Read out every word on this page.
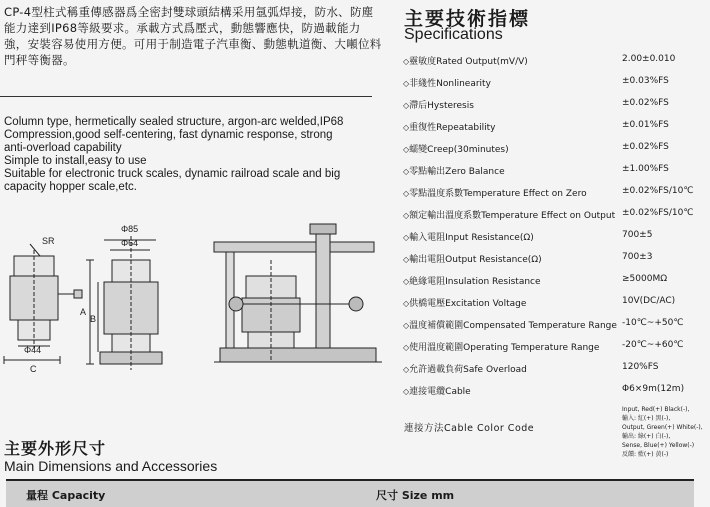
CP-4型柱式稱重傳感器爲全密封雙球頭結構采用氬弧焊接，防水、防塵能力達到IP68等級要求。承載方式爲壓式，動態響應快，防過載能力強，安裝容易使用方便。可用于制造電子汽車衡、動態軌道衡、大噸位料門秤等衡器。
Column type, hermetically sealed structure, argon-arc welded,IP68
Compression,good self-centering, fast dynamic response, strong
anti-overload capability
Simple to install,easy to use
Suitable for electronic truck scales, dynamic railroad scale and big
capacity hopper scale,etc.
SR
Φ44
C
Φ85
Φ64
A
B
主要技術指標
Specifications
◇靈敏度Rated Output(mV/V)	2.00±0.010
◇非綫性Nonlinearity	±0.03%FS
◇滯后Hysteresis	±0.02%FS
◇重復性Repeatability	±0.01%FS
◇蠕變Creep(30minutes)	±0.02%FS
◇零點輸出Zero Balance	±1.00%FS
◇零點溫度系數Temperature Effect on Zero	±0.02%FS/10℃
◇額定輸出溫度系數Temperature Effect on Output ±0.02%FS/10℃
◇輸入電阻Input Resistance(Ω)	700±5
◇輸出電阻Output Resistance(Ω)	700±3
◇絶緣電阻Insulation Resistance	≥5000MΩ
◇供橋電壓Excitation Voltage	10V(DC/AC)
◇溫度補償範圍Compensated Temperature Range -10℃~+50℃
◇使用溫度範圍Operating Temperature Range	-20℃~+60℃
◇允許過載負荷Safe Overload	120%FS
◇連接電纜Cable	Φ6×9m(12m)
連接方法Cable Color Code
Input, Red(+) Black(-),
輸入: 紅(+) 黑(-),
Output, Green(+) White(-),
輸出: 綠(+) 白(-),
Sense, Blue(+) Yellow(-)
反饋: 藍(+) 黄(-)
主要外形尺寸
Main Dimensions and Accessories
量程 Capacity	尺寸 Size mm
